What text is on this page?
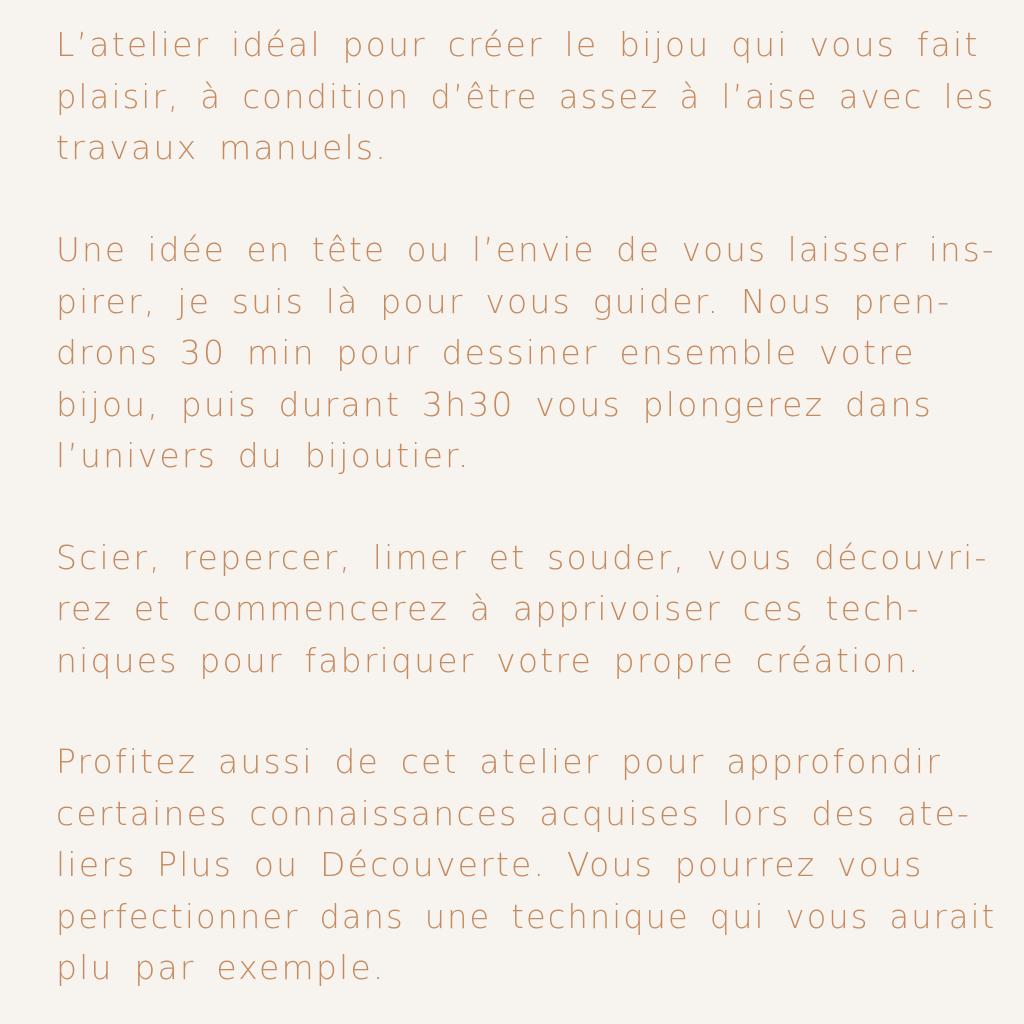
L’atelier idéal pour créer le bijou qui vous fait
plaisir, à condition d’être assez à l’aise avec les
travaux manuels.
Une idée en tête ou l’envie de vous laisser ins-
pirer, je suis là pour vous guider. Nous pren-
drons 30 min pour dessiner ensemble votre
bijou, puis durant 3h30 vous plongerez dans
l’univers du bijoutier.
Scier, repercer, limer et souder, vous découvri-
rez et commencerez à apprivoiser ces tech-
niques pour fabriquer votre propre création.
Profitez aussi de cet atelier pour approfondir
certaines connaissances acquises lors des ate-
liers Plus ou Découverte. Vous pourrez vous
perfectionner dans une technique qui vous aurait
plu par exemple.
